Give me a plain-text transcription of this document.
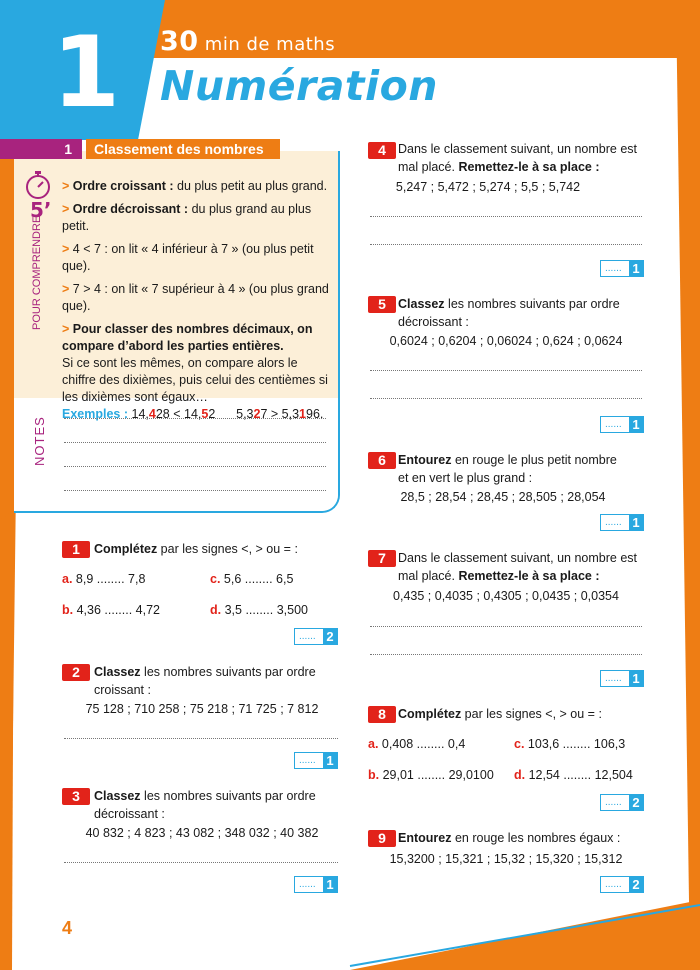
1 30 min de maths
Numération
1	Classement des nombres
5’
POUR COMPRENDRE
NOTES

> Ordre croissant : du plus petit au plus grand.

> Ordre décroissant : du plus grand au plus petit.

> 4 < 7 : on lit « 4 inférieur à 7 » (ou plus petit que).

> 7 > 4 : on lit « 7 supérieur à 4 » (ou plus grand que).

> Pour classer des nombres décimaux, on compare d’abord les parties entières.
Si ce sont les mêmes, on compare alors le chiffre des dixièmes, puis celui des centièmes si les dixièmes sont égaux…
Exemples : 14,428 < 14,52 5,327 > 5,3196.

1	Complétez par les signes <, > ou = :
a. 8,9 ........ 7,8	c. 5,6 ........ 6,5
b. 4,36 ........ 4,72	d. 3,5 ........ 3,500
...... 2
2	Classez les nombres suivants par ordre croissant :
75 128 ; 710 258 ; 75 218 ; 71 725 ; 7 812
...... 1
3	Classez les nombres suivants par ordre décroissant :
40 832 ; 4 823 ; 43 082 ; 348 032 ; 40 382
...... 1
4
4 Dans le classement suivant, un nombre est mal placé. Remettez-le à sa place :
5,247 ; 5,472 ; 5,274 ; 5,5 ; 5,742
...... 1
5 Classez les nombres suivants par ordre décroissant :
0,6024 ; 0,6204 ; 0,06024 ; 0,624 ; 0,0624
...... 1
6 Entourez en rouge le plus petit nombre et en vert le plus grand :
28,5 ; 28,54 ; 28,45 ; 28,505 ; 28,054
...... 1
7 Dans le classement suivant, un nombre est mal placé. Remettez-le à sa place :
0,435 ; 0,4035 ; 0,4305 ; 0,0435 ; 0,0354
...... 1
8 Complétez par les signes <, > ou = :
a. 0,408 ........ 0,4	c. 103,6 ........ 106,3
b. 29,01 ........ 29,0100 d. 12,54 ........ 12,504
...... 2
9 Entourez en rouge les nombres égaux :
15,3200 ; 15,321 ; 15,32 ; 15,320 ; 15,312
...... 2
